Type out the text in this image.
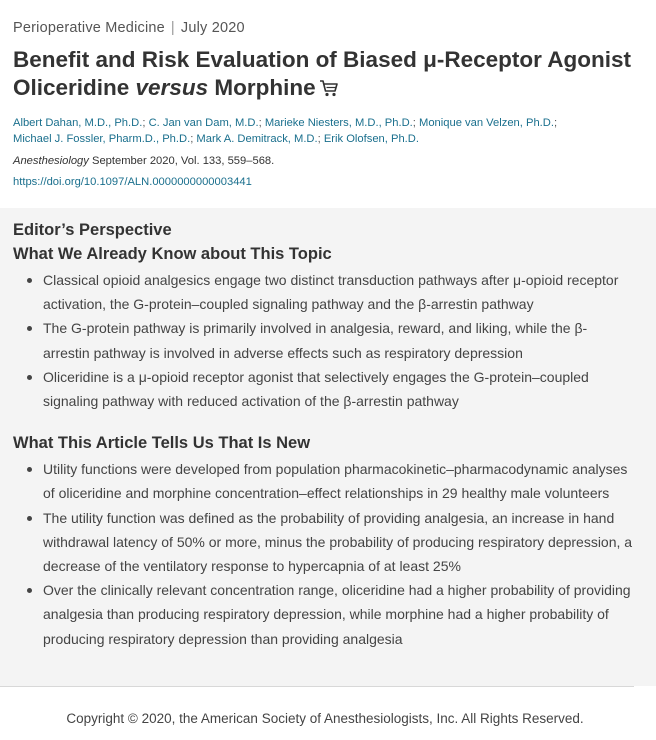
Perioperative Medicine | July 2020
Benefit and Risk Evaluation of Biased μ-Receptor Agonist Oliceridine versus Morphine
Albert Dahan, M.D., Ph.D.; C. Jan van Dam, M.D.; Marieke Niesters, M.D., Ph.D.; Monique van Velzen, Ph.D.;
Michael J. Fossler, Pharm.D., Ph.D.; Mark A. Demitrack, M.D.; Erik Olofsen, Ph.D.
Anesthesiology September 2020, Vol. 133, 559–568.
https://doi.org/10.1097/ALN.0000000000003441
Editor’s Perspective
What We Already Know about This Topic
Classical opioid analgesics engage two distinct transduction pathways after μ-opioid receptor activation, the G-protein–coupled signaling pathway and the β-arrestin pathway
The G-protein pathway is primarily involved in analgesia, reward, and liking, while the β-arrestin pathway is involved in adverse effects such as respiratory depression
Oliceridine is a μ-opioid receptor agonist that selectively engages the G-protein–coupled signaling pathway with reduced activation of the β-arrestin pathway
What This Article Tells Us That Is New
Utility functions were developed from population pharmacokinetic–pharmacodynamic analyses of oliceridine and morphine concentration–effect relationships in 29 healthy male volunteers
The utility function was defined as the probability of providing analgesia, an increase in hand withdrawal latency of 50% or more, minus the probability of producing respiratory depression, a decrease of the ventilatory response to hypercapnia of at least 25%
Over the clinically relevant concentration range, oliceridine had a higher probability of providing analgesia than producing respiratory depression, while morphine had a higher probability of producing respiratory depression than providing analgesia
Copyright © 2020, the American Society of Anesthesiologists, Inc. All Rights Reserved.
